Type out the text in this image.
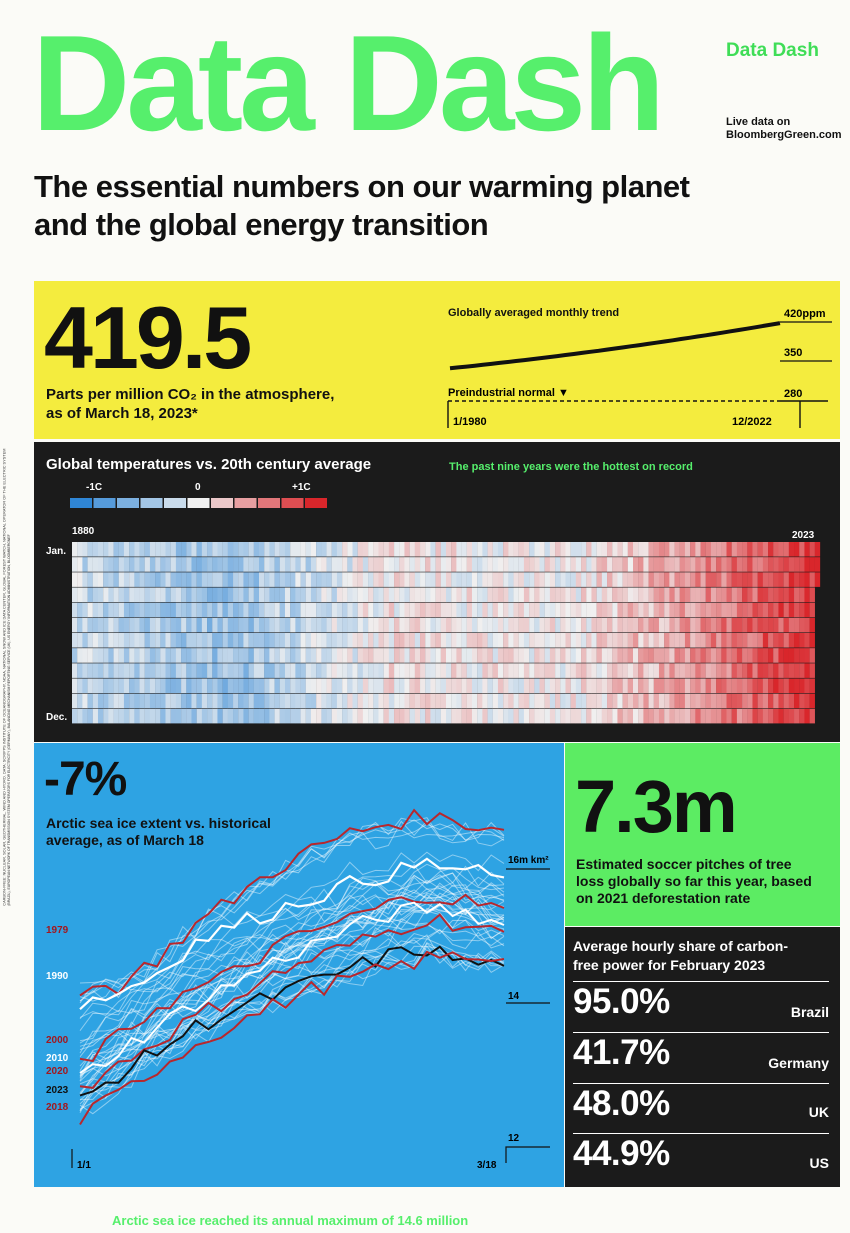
Data Dash	Data Dash
Live data on
BloombergGreen.com
The essential numbers on our warming planet
and the global energy transition
CARBON-FREE: NUCLEAR, SOLAR, GEOTHERMAL, WIND AND HYDRO. DATA: SCRIPPS INSTITUTE OF OCEANOGRAPHY, NOAA, NATIONAL SNOW AND ICE DATA CENTER, GLOBAL FOREST WATCH, NATIONAL OPERATOR OF THE ELECTRIC SYSTEM (BRAZIL), EUROPEAN NETWORK OF TRANSMISSION SYSTEM OPERATORS FOR ELECTRICITY (GERMANY), BALANCING MECHANISM REPORTING SERVICE (UK), US ENERGY INFORMATION ADMINISTRATION, BLOOMBERGNEF
419.5
Parts per million CO₂ in the atmosphere,
as of March 18, 2023*
Globally averaged monthly trend	420ppm
350
280
Preindustrial normal ▼
1/1980	12/2022
Global temperatures vs. 20th century average	The past nine years were the hottest on record
-1C	0	+1C
1880	2023
Jan.
Dec.
-7%
Arctic sea ice extent vs. historical
average, as of March 18
1979
1990
2000
2010
2020
2023
2018
16m km²
14
12
3/18
1/1
7.3m
Estimated soccer pitches of tree
loss globally so far this year, based
on 2021 deforestation rate
Average hourly share of carbon-
free power for February 2023
95.0%	Brazil
41.7%	Germany
48.0%	UK
44.9%	US
Arctic sea ice reached its annual maximum of 14.6 million
